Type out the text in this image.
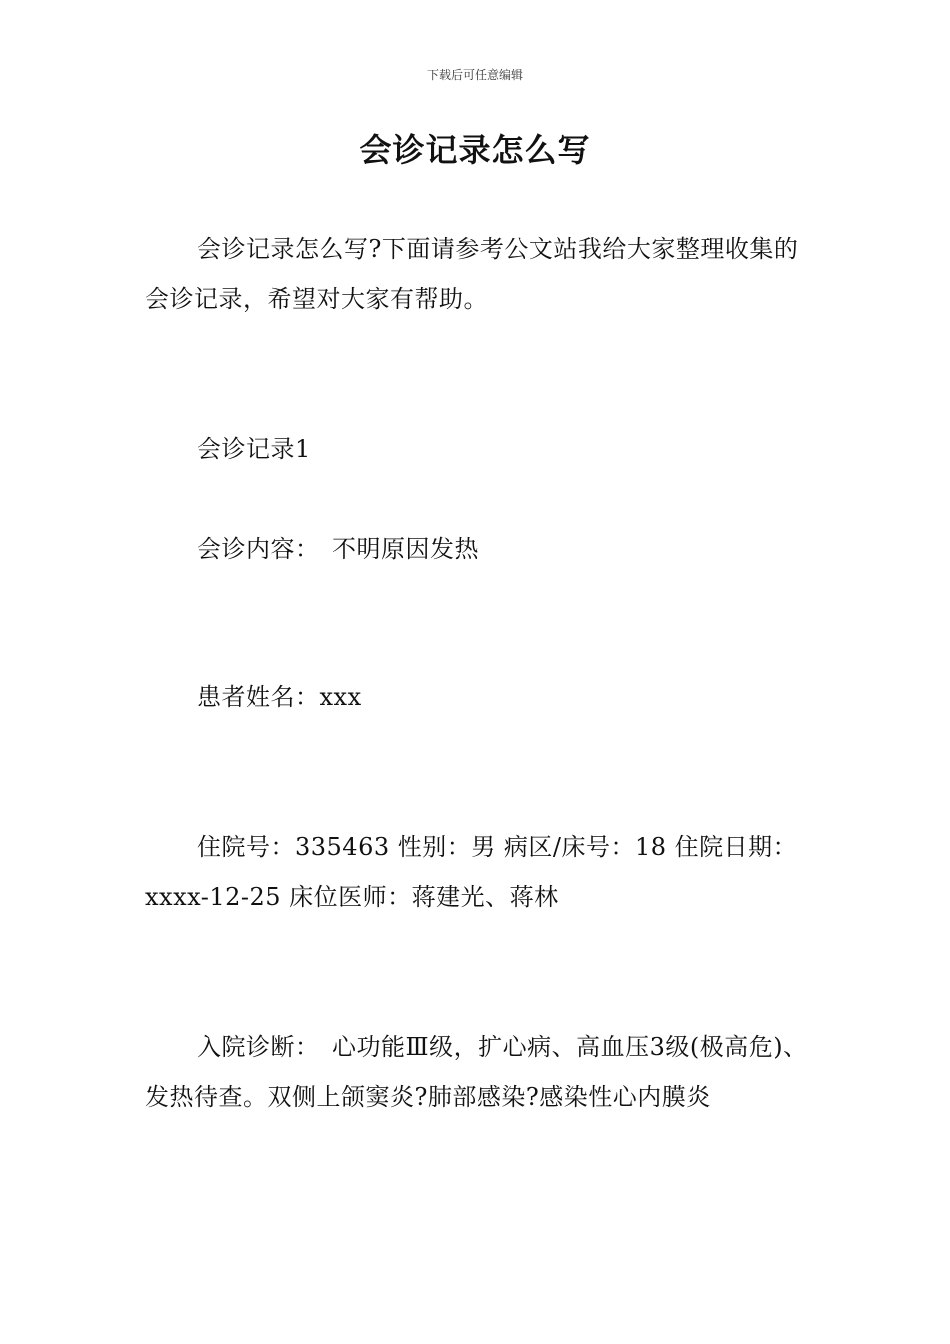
下载后可任意编辑
会诊记录怎么写

会诊记录怎么写?下面请参考公文站我给大家整理收集的会诊记录，希望对大家有帮助。

会诊记录1

会诊内容：　不明原因发热

患者姓名：xxx

住院号：335463 性别：男 病区/床号：18 住院日期：xxxx-12-25 床位医师：蒋建光、蒋林

入院诊断：　心功能Ⅲ级，扩心病、高血压3级(极高危)、发热待查。双侧上颌窦炎?肺部感染?感染性心内膜炎
